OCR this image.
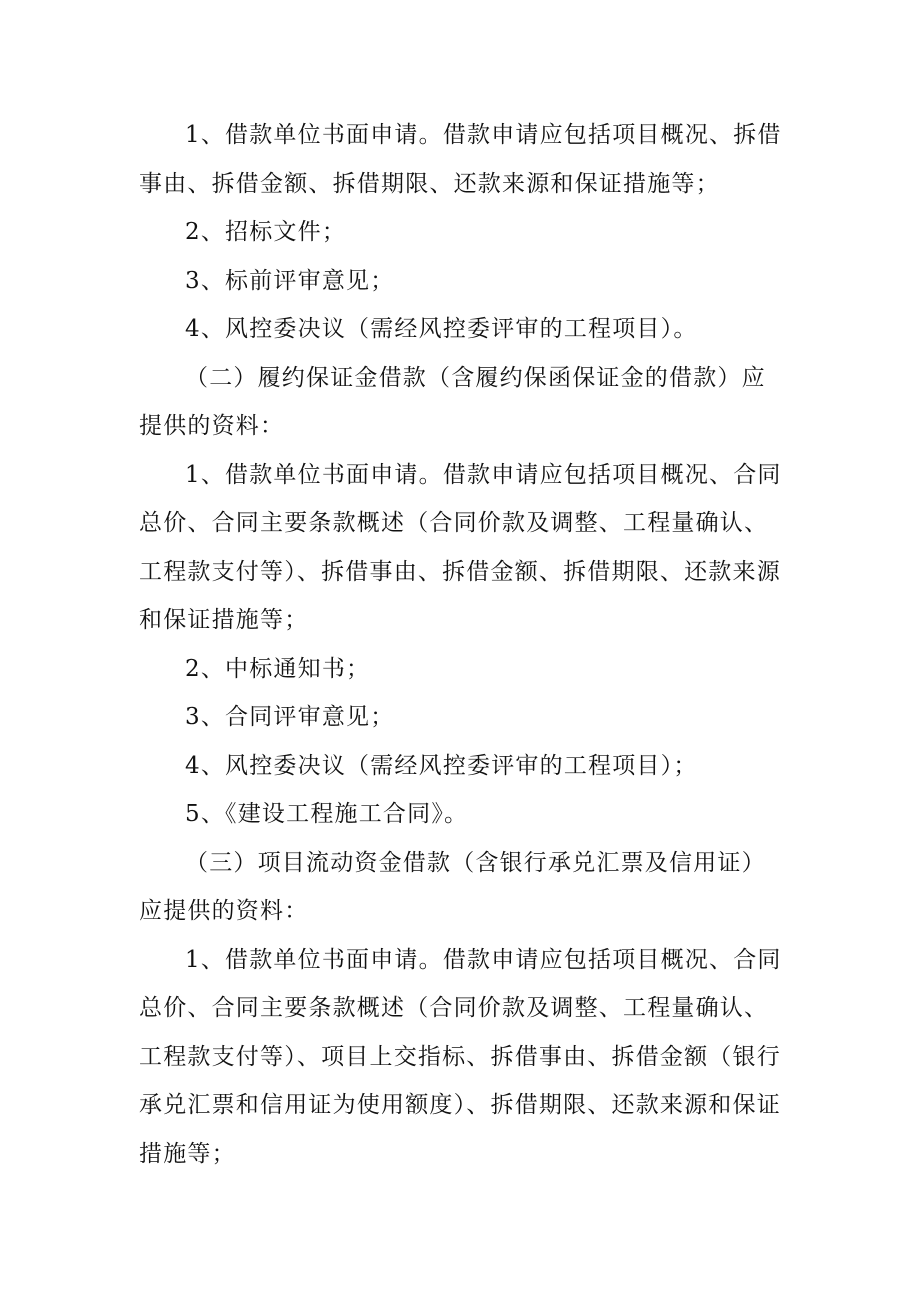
1、借款单位书面申请。借款申请应包括项目概况、拆借事由、拆借金额、拆借期限、还款来源和保证措施等；

2、招标文件；

3、标前评审意见；

4、风控委决议（需经风控委评审的工程项目）。

（二）履约保证金借款（含履约保函保证金的借款）应提供的资料：

1、借款单位书面申请。借款申请应包括项目概况、合同总价、合同主要条款概述（合同价款及调整、工程量确认、工程款支付等）、拆借事由、拆借金额、拆借期限、还款来源和保证措施等；

2、中标通知书；

3、合同评审意见；

4、风控委决议（需经风控委评审的工程项目）；

5、《建设工程施工合同》。

（三）项目流动资金借款（含银行承兑汇票及信用证）应提供的资料：

1、借款单位书面申请。借款申请应包括项目概况、合同总价、合同主要条款概述（合同价款及调整、工程量确认、工程款支付等）、项目上交指标、拆借事由、拆借金额（银行承兑汇票和信用证为使用额度）、拆借期限、还款来源和保证措施等；
